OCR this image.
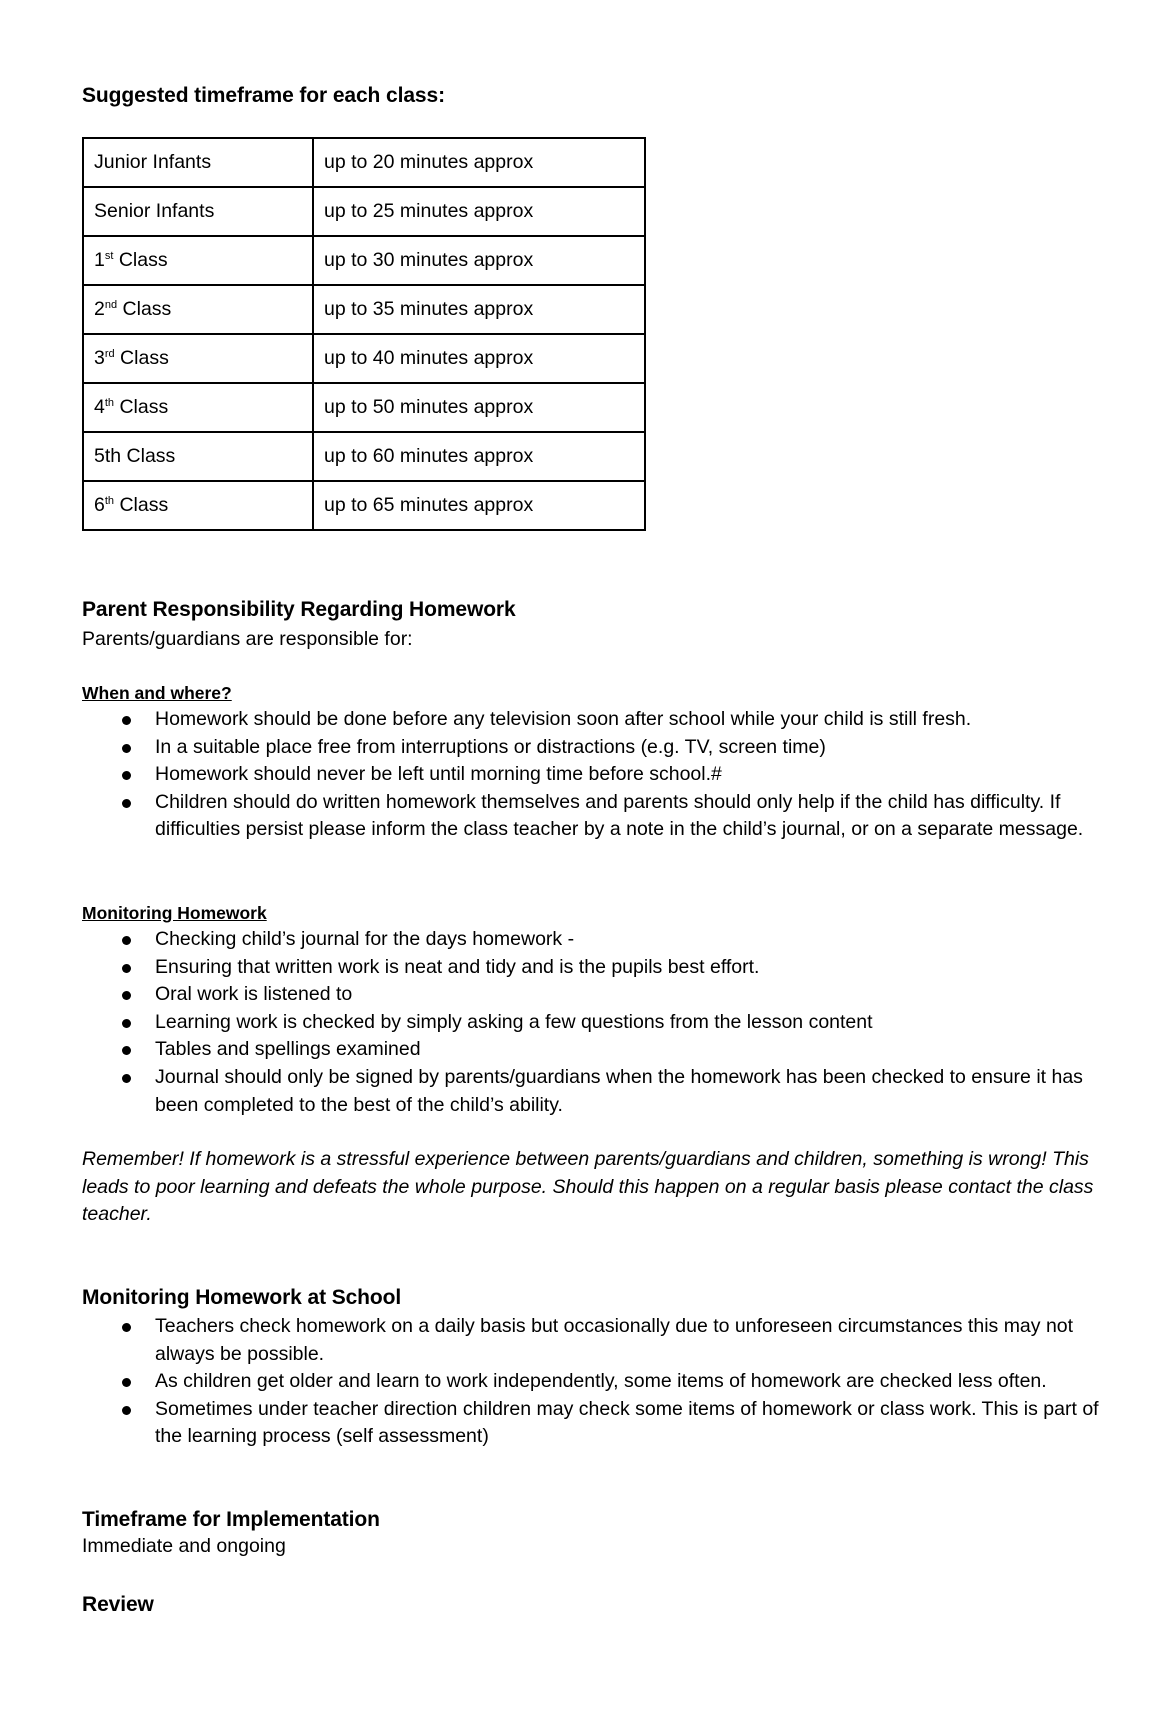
Suggested timeframe for each class:
Junior Infants	up to 20 minutes approx
Senior Infants	up to 25 minutes approx
1st Class	up to 30 minutes approx
2nd Class	up to 35 minutes approx
3rd Class	up to 40 minutes approx
4th Class	up to 50 minutes approx
5th Class	up to 60 minutes approx
6th Class	up to 65 minutes approx
Parent Responsibility Regarding Homework
Parents/guardians are responsible for:
When and where?
Homework should be done before any television soon after school while your child is still fresh.
In a suitable place free from interruptions or distractions (e.g. TV, screen time)
Homework should never be left until morning time before school.#
Children should do written homework themselves and parents should only help if the child has difficulty. If difficulties persist please inform the class teacher by a note in the child’s journal, or on a separate message.
Monitoring Homework
Checking child’s journal for the days homework -
Ensuring that written work is neat and tidy and is the pupils best effort.
Oral work is listened to
Learning work is checked by simply asking a few questions from the lesson content
Tables and spellings examined
Journal should only be signed by parents/guardians when the homework has been checked to ensure it has been completed to the best of the child’s ability.
Remember! If homework is a stressful experience between parents/guardians and children, something is wrong! This leads to poor learning and defeats the whole purpose. Should this happen on a regular basis please contact the class teacher.
Monitoring Homework at School
Teachers check homework on a daily basis but occasionally due to unforeseen circumstances this may not always be possible.
As children get older and learn to work independently, some items of homework are checked less often.
Sometimes under teacher direction children may check some items of homework or class work. This is part of the learning process (self assessment)
Timeframe for Implementation
Immediate and ongoing
Review
